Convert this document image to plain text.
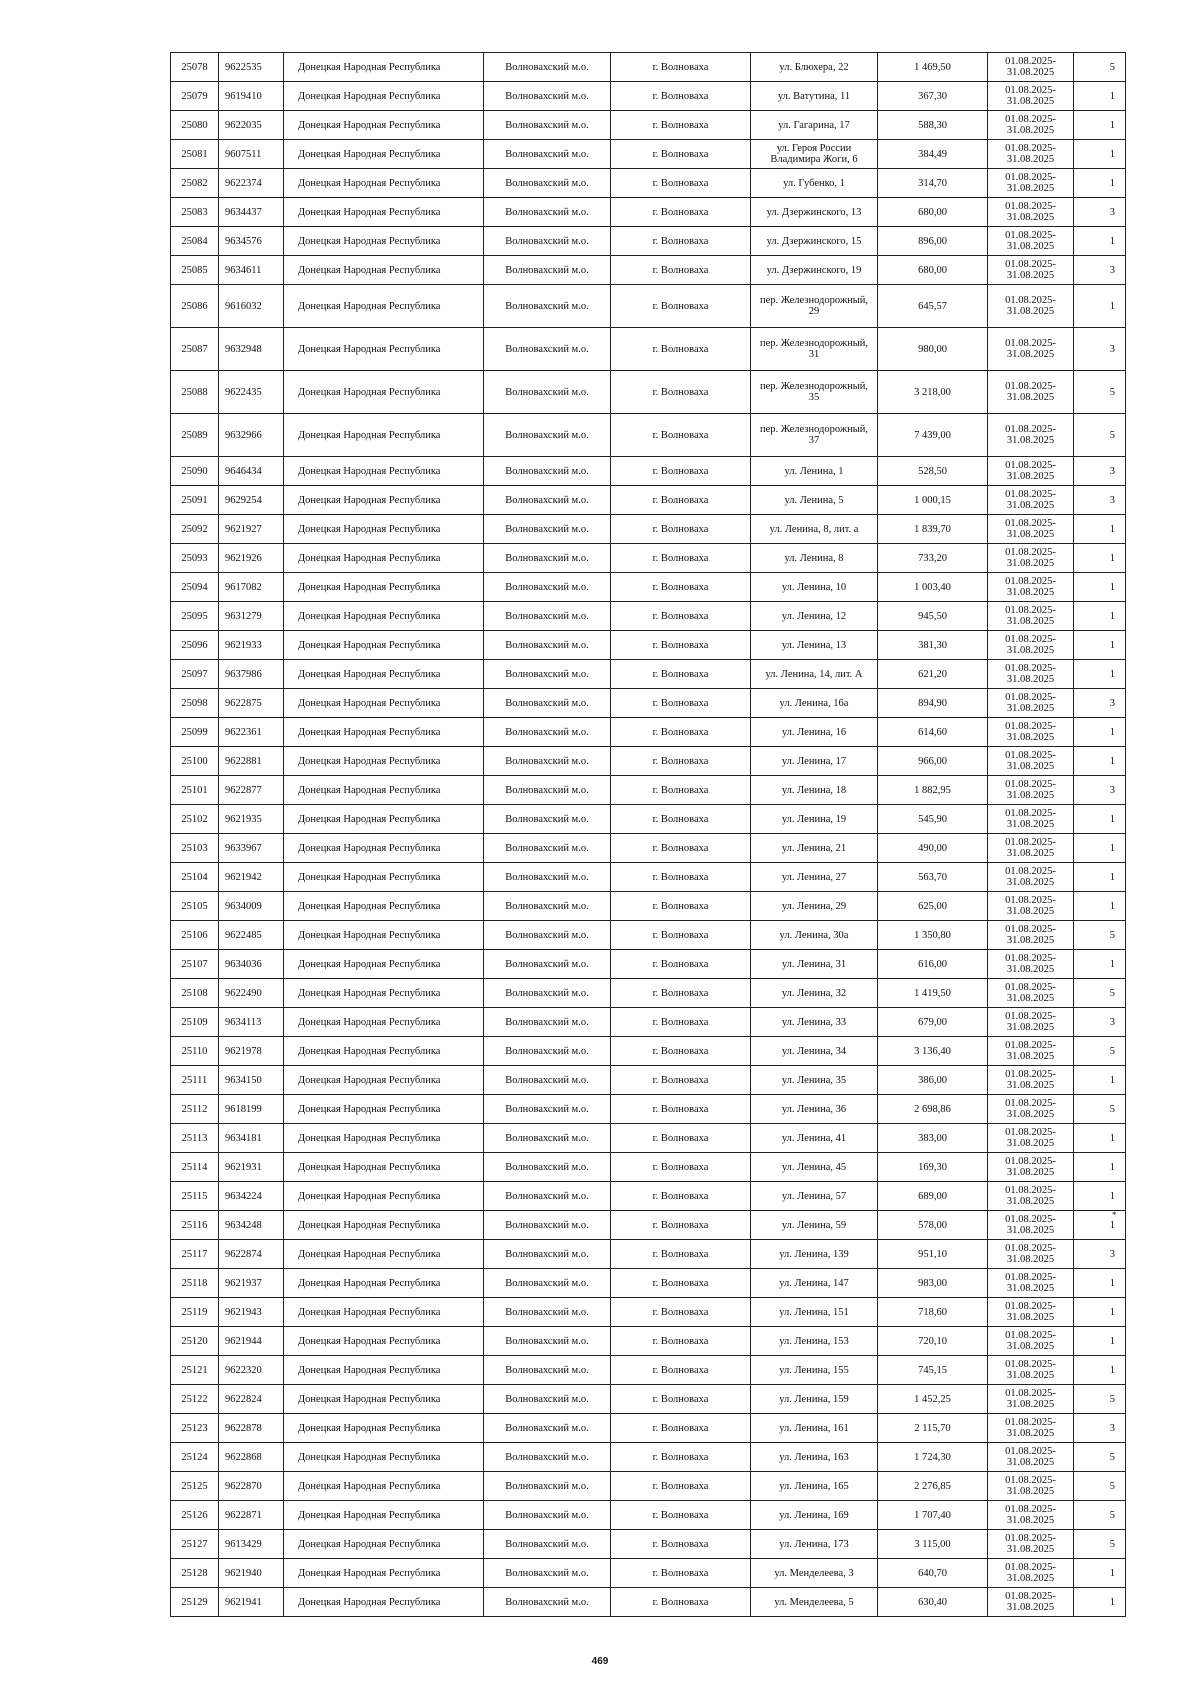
25078	9622535	Донецкая Народная Республика	Волновахский м.о.	г. Волноваха	ул. Блюхера, 22	1 469,50	01.08.2025-
31.08.2025	5
25079	9619410	Донецкая Народная Республика	Волновахский м.о.	г. Волноваха	ул. Ватутина, 11	367,30	01.08.2025-
31.08.2025	1
25080	9622035	Донецкая Народная Республика	Волновахский м.о.	г. Волноваха	ул. Гагарина, 17	588,30	01.08.2025-
31.08.2025	1
25081	9607511	Донецкая Народная Республика	Волновахский м.о.	г. Волноваха	ул. Героя России
Владимира Жоги, 6	384,49	01.08.2025-
31.08.2025	1
25082	9622374	Донецкая Народная Республика	Волновахский м.о.	г. Волноваха	ул. Губенко, 1	314,70	01.08.2025-
31.08.2025	1
25083	9634437	Донецкая Народная Республика	Волновахский м.о.	г. Волноваха	ул. Дзержинского, 13	680,00	01.08.2025-
31.08.2025	3
25084	9634576	Донецкая Народная Республика	Волновахский м.о.	г. Волноваха	ул. Дзержинского, 15	896,00	01.08.2025-
31.08.2025	1
25085	9634611	Донецкая Народная Республика	Волновахский м.о.	г. Волноваха	ул. Дзержинского, 19	680,00	01.08.2025-
31.08.2025	3
25086	9616032	Донецкая Народная Республика	Волновахский м.о.	г. Волноваха	пер. Железнодорожный,
29	645,57	01.08.2025-
31.08.2025	1
25087	9632948	Донецкая Народная Республика	Волновахский м.о.	г. Волноваха	пер. Железнодорожный,
31	980,00	01.08.2025-
31.08.2025	3
25088	9622435	Донецкая Народная Республика	Волновахский м.о.	г. Волноваха	пер. Железнодорожный,
35	3 218,00	01.08.2025-
31.08.2025	5
25089	9632966	Донецкая Народная Республика	Волновахский м.о.	г. Волноваха	пер. Железнодорожный,
37	7 439,00	01.08.2025-
31.08.2025	5
25090	9646434	Донецкая Народная Республика	Волновахский м.о.	г. Волноваха	ул. Ленина, 1	528,50	01.08.2025-
31.08.2025	3
25091	9629254	Донецкая Народная Республика	Волновахский м.о.	г. Волноваха	ул. Ленина, 5	1 000,15	01.08.2025-
31.08.2025	3
25092	9621927	Донецкая Народная Республика	Волновахский м.о.	г. Волноваха	ул. Ленина, 8, лит. а	1 839,70	01.08.2025-
31.08.2025	1
25093	9621926	Донецкая Народная Республика	Волновахский м.о.	г. Волноваха	ул. Ленина, 8	733,20	01.08.2025-
31.08.2025	1
25094	9617082	Донецкая Народная Республика	Волновахский м.о.	г. Волноваха	ул. Ленина, 10	1 003,40	01.08.2025-
31.08.2025	1
25095	9631279	Донецкая Народная Республика	Волновахский м.о.	г. Волноваха	ул. Ленина, 12	945,50	01.08.2025-
31.08.2025	1
25096	9621933	Донецкая Народная Республика	Волновахский м.о.	г. Волноваха	ул. Ленина, 13	381,30	01.08.2025-
31.08.2025	1
25097	9637986	Донецкая Народная Республика	Волновахский м.о.	г. Волноваха	ул. Ленина, 14, лит. А	621,20	01.08.2025-
31.08.2025	1
25098	9622875	Донецкая Народная Республика	Волновахский м.о.	г. Волноваха	ул. Ленина, 16а	894,90	01.08.2025-
31.08.2025	3
25099	9622361	Донецкая Народная Республика	Волновахский м.о.	г. Волноваха	ул. Ленина, 16	614,60	01.08.2025-
31.08.2025	1
25100	9622881	Донецкая Народная Республика	Волновахский м.о.	г. Волноваха	ул. Ленина, 17	966,00	01.08.2025-
31.08.2025	1
25101	9622877	Донецкая Народная Республика	Волновахский м.о.	г. Волноваха	ул. Ленина, 18	1 882,95	01.08.2025-
31.08.2025	3
25102	9621935	Донецкая Народная Республика	Волновахский м.о.	г. Волноваха	ул. Ленина, 19	545,90	01.08.2025-
31.08.2025	1
25103	9633967	Донецкая Народная Республика	Волновахский м.о.	г. Волноваха	ул. Ленина, 21	490,00	01.08.2025-
31.08.2025	1
25104	9621942	Донецкая Народная Республика	Волновахский м.о.	г. Волноваха	ул. Ленина, 27	563,70	01.08.2025-
31.08.2025	1
25105	9634009	Донецкая Народная Республика	Волновахский м.о.	г. Волноваха	ул. Ленина, 29	625,00	01.08.2025-
31.08.2025	1
25106	9622485	Донецкая Народная Республика	Волновахский м.о.	г. Волноваха	ул. Ленина, 30а	1 350,80	01.08.2025-
31.08.2025	5
25107	9634036	Донецкая Народная Республика	Волновахский м.о.	г. Волноваха	ул. Ленина, 31	616,00	01.08.2025-
31.08.2025	1
25108	9622490	Донецкая Народная Республика	Волновахский м.о.	г. Волноваха	ул. Ленина, 32	1 419,50	01.08.2025-
31.08.2025	5
25109	9634113	Донецкая Народная Республика	Волновахский м.о.	г. Волноваха	ул. Ленина, 33	679,00	01.08.2025-
31.08.2025	3
25110	9621978	Донецкая Народная Республика	Волновахский м.о.	г. Волноваха	ул. Ленина, 34	3 136,40	01.08.2025-
31.08.2025	5
25111	9634150	Донецкая Народная Республика	Волновахский м.о.	г. Волноваха	ул. Ленина, 35	386,00	01.08.2025-
31.08.2025	1
25112	9618199	Донецкая Народная Республика	Волновахский м.о.	г. Волноваха	ул. Ленина, 36	2 698,86	01.08.2025-
31.08.2025	5
25113	9634181	Донецкая Народная Республика	Волновахский м.о.	г. Волноваха	ул. Ленина, 41	383,00	01.08.2025-
31.08.2025	1
25114	9621931	Донецкая Народная Республика	Волновахский м.о.	г. Волноваха	ул. Ленина, 45	169,30	01.08.2025-
31.08.2025	1
25115	9634224	Донецкая Народная Республика	Волновахский м.о.	г. Волноваха	ул. Ленина, 57	689,00	01.08.2025-
31.08.2025	1
25116	9634248	Донецкая Народная Республика	Волновахский м.о.	г. Волноваха	ул. Ленина, 59	578,00	01.08.2025-
31.08.2025	1
25117	9622874	Донецкая Народная Республика	Волновахский м.о.	г. Волноваха	ул. Ленина, 139	951,10	01.08.2025-
31.08.2025	3
25118	9621937	Донецкая Народная Республика	Волновахский м.о.	г. Волноваха	ул. Ленина, 147	983,00	01.08.2025-
31.08.2025	1
25119	9621943	Донецкая Народная Республика	Волновахский м.о.	г. Волноваха	ул. Ленина, 151	718,60	01.08.2025-
31.08.2025	1
25120	9621944	Донецкая Народная Республика	Волновахский м.о.	г. Волноваха	ул. Ленина, 153	720,10	01.08.2025-
31.08.2025	1
25121	9622320	Донецкая Народная Республика	Волновахский м.о.	г. Волноваха	ул. Ленина, 155	745,15	01.08.2025-
31.08.2025	1
25122	9622824	Донецкая Народная Республика	Волновахский м.о.	г. Волноваха	ул. Ленина, 159	1 452,25	01.08.2025-
31.08.2025	5
25123	9622878	Донецкая Народная Республика	Волновахский м.о.	г. Волноваха	ул. Ленина, 161	2 115,70	01.08.2025-
31.08.2025	3
25124	9622868	Донецкая Народная Республика	Волновахский м.о.	г. Волноваха	ул. Ленина, 163	1 724,30	01.08.2025-
31.08.2025	5
25125	9622870	Донецкая Народная Республика	Волновахский м.о.	г. Волноваха	ул. Ленина, 165	2 276,85	01.08.2025-
31.08.2025	5
25126	9622871	Донецкая Народная Республика	Волновахский м.о.	г. Волноваха	ул. Ленина, 169	1 707,40	01.08.2025-
31.08.2025	5
25127	9613429	Донецкая Народная Республика	Волновахский м.о.	г. Волноваха	ул. Ленина, 173	3 115,00	01.08.2025-
31.08.2025	5
25128	9621940	Донецкая Народная Республика	Волновахский м.о.	г. Волноваха	ул. Менделеева, 3	640,70	01.08.2025-
31.08.2025	1
25129	9621941	Донецкая Народная Республика	Волновахский м.о.	г. Волноваха	ул. Менделеева, 5	630,40	01.08.2025-
31.08.2025	1
*
469
